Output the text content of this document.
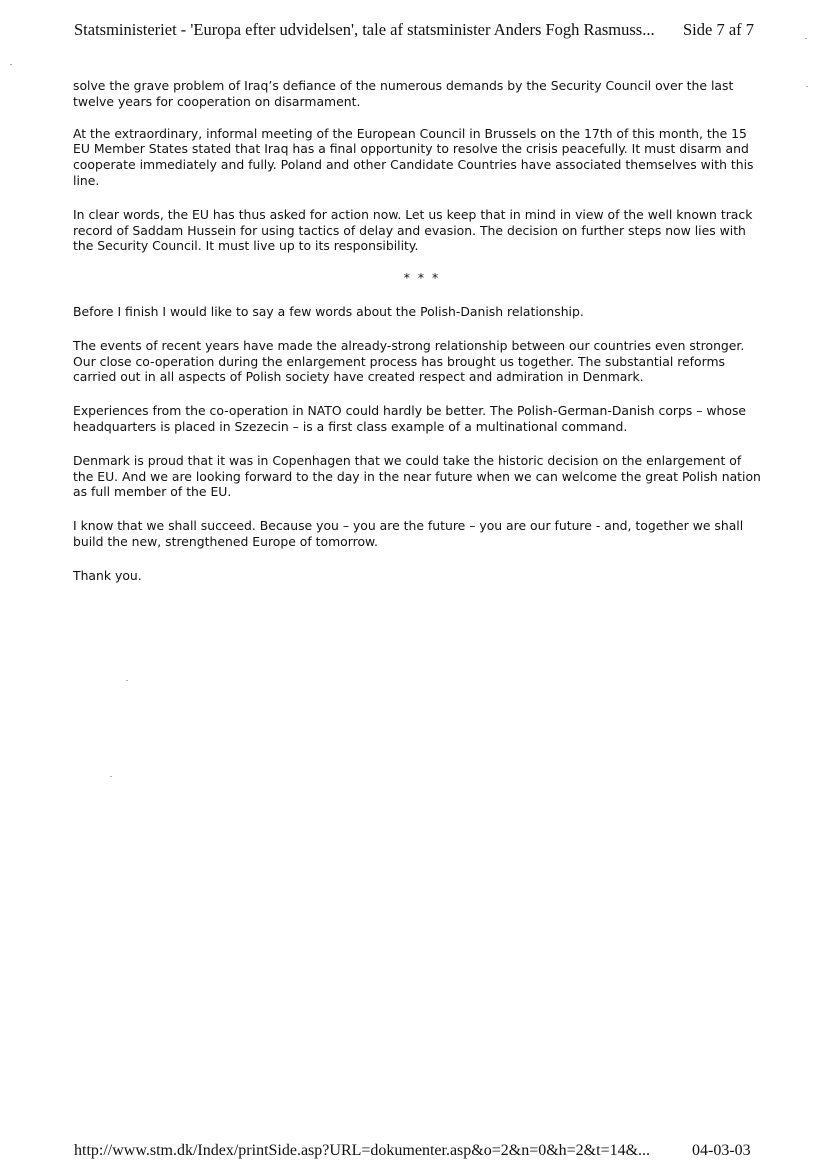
Statsministeriet - 'Europa efter udvidelsen', tale af statsminister Anders Fogh Rasmuss... Side 7 af 7

solve the grave problem of Iraq’s defiance of the numerous demands by the Security Council over the last twelve years for cooperation on disarmament.

At the extraordinary, informal meeting of the European Council in Brussels on the 17th of this month, the 15 EU Member States stated that Iraq has a final opportunity to resolve the crisis peacefully. It must disarm and cooperate immediately and fully. Poland and other Candidate Countries have associated themselves with this line.

In clear words, the EU has thus asked for action now. Let us keep that in mind in view of the well known track record of Saddam Hussein for using tactics of delay and evasion. The decision on further steps now lies with the Security Council. It must live up to its responsibility.

* * *

Before I finish I would like to say a few words about the Polish-Danish relationship.

The events of recent years have made the already-strong relationship between our countries even stronger. Our close co-operation during the enlargement process has brought us together. The substantial reforms carried out in all aspects of Polish society have created respect and admiration in Denmark.

Experiences from the co-operation in NATO could hardly be better. The Polish-German-Danish corps – whose headquarters is placed in Szezecin – is a first class example of a multinational command.

Denmark is proud that it was in Copenhagen that we could take the historic decision on the enlargement of the EU. And we are looking forward to the day in the near future when we can welcome the great Polish nation as full member of the EU.

I know that we shall succeed. Because you – you are the future – you are our future - and, together we shall build the new, strengthened Europe of tomorrow.

Thank you.

http://www.stm.dk/Index/printSide.asp?URL=dokumenter.asp&o=2&n=0&h=2&t=14&...	04-03-03
